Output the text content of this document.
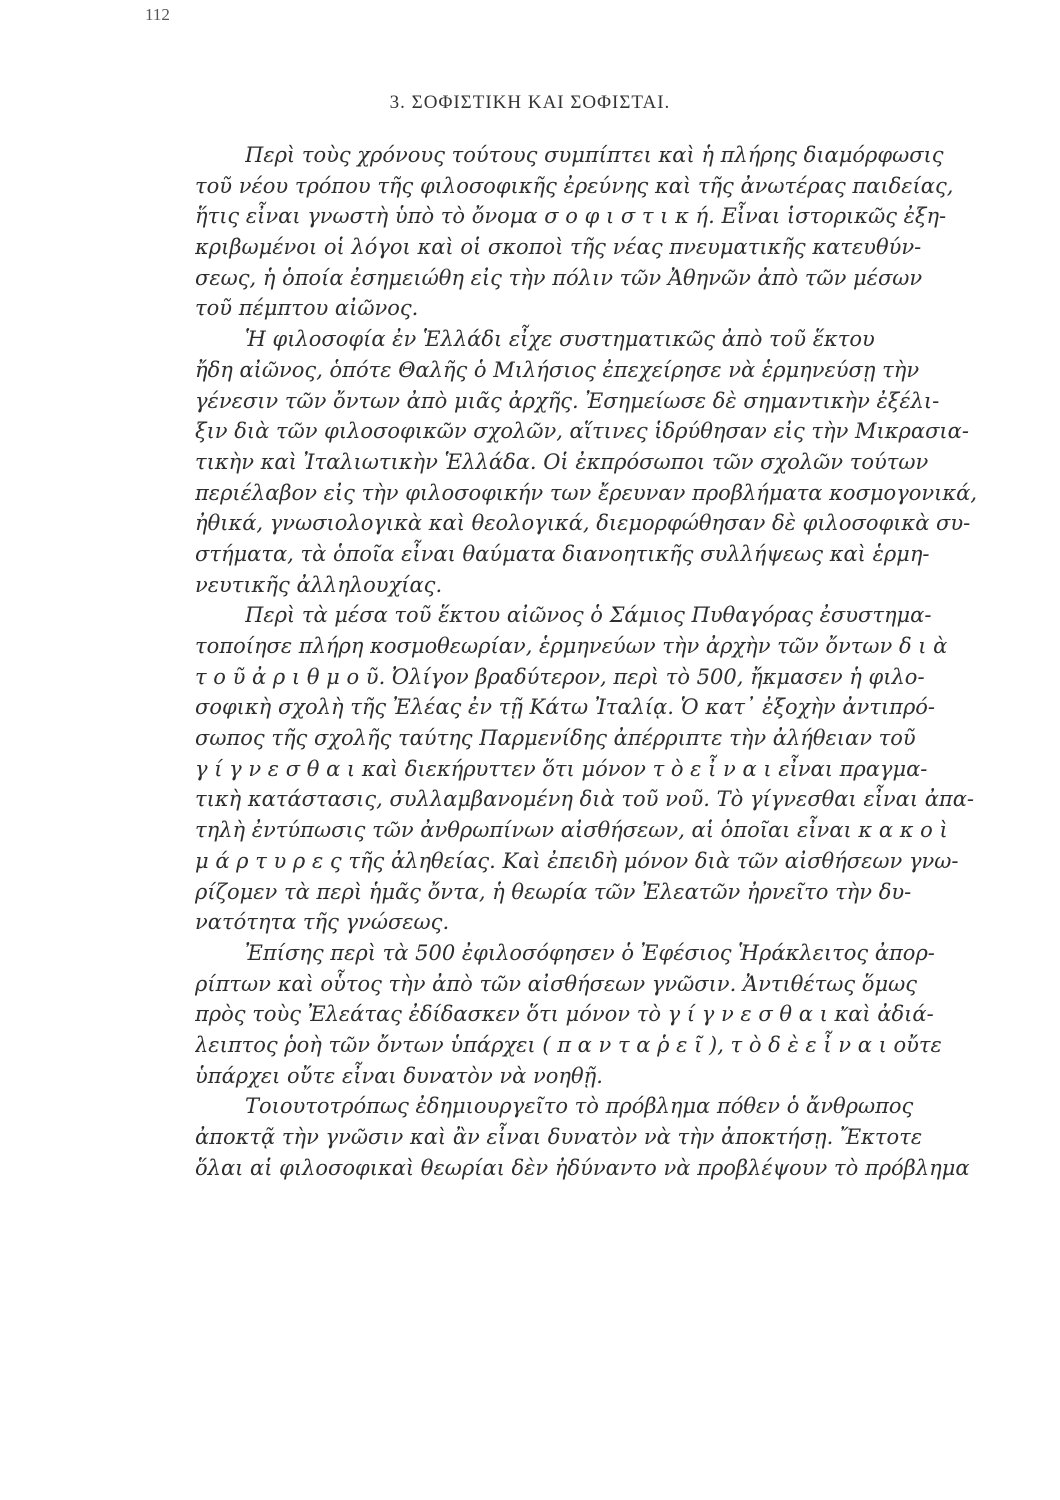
112
3. ΣΟΦΙΣΤΙΚΗ ΚΑΙ ΣΟΦΙΣΤΑΙ.
Περὶ τοὺς χρόνους τούτους συμπίπτει καὶ ἡ πλήρης διαμόρφωσις
τοῦ νέου τρόπου τῆς φιλοσοφικῆς ἐρεύνης καὶ τῆς ἀνωτέρας παιδείας,
ἥτις εἶναι γνωστὴ ὑπὸ τὸ ὄνομα σ ο φ ι σ τ ι κ ή. Εἶναι ἱστορικῶς ἐξη-
κριβωμένοι οἱ λόγοι καὶ οἱ σκοποὶ τῆς νέας πνευματικῆς κατευθύν-
σεως, ἡ ὁποία ἐσημειώθη εἰς τὴν πόλιν τῶν Ἀθηνῶν ἀπὸ τῶν μέσων
τοῦ πέμπτου αἰῶνος.
Ἡ φιλοσοφία ἐν Ἑλλάδι εἶχε συστηματικῶς ἀπὸ τοῦ ἕκτου
ἤδη αἰῶνος, ὁπότε Θαλῆς ὁ Μιλήσιος ἐπεχείρησε νὰ ἑρμηνεύσῃ τὴν
γένεσιν τῶν ὄντων ἀπὸ μιᾶς ἀρχῆς. Ἐσημείωσε δὲ σημαντικὴν ἐξέλι-
ξιν διὰ τῶν φιλοσοφικῶν σχολῶν, αἵτινες ἱδρύθησαν εἰς τὴν Μικρασια-
τικὴν καὶ Ἰταλιωτικὴν Ἑλλάδα. Οἱ ἐκπρόσωποι τῶν σχολῶν τούτων
περιέλαβον εἰς τὴν φιλοσοφικήν των ἔρευναν προβλήματα κοσμογονικά,
ἠθικά, γνωσιολογικὰ καὶ θεολογικά, διεμορφώθησαν δὲ φιλοσοφικὰ συ-
στήματα, τὰ ὁποῖα εἶναι θαύματα διανοητικῆς συλλήψεως καὶ ἑρμη-
νευτικῆς ἀλληλουχίας.
Περὶ τὰ μέσα τοῦ ἕκτου αἰῶνος ὁ Σάμιος Πυθαγόρας ἐσυστημα-
τοποίησε πλήρη κοσμοθεωρίαν, ἑρμηνεύων τὴν ἀρχὴν τῶν ὄντων δ ι ὰ
τ ο ῦ ἀ ρ ι θ μ ο ῦ. Ὀλίγον βραδύτερον, περὶ τὸ 500, ἤκμασεν ἡ φιλο-
σοφικὴ σχολὴ τῆς Ἐλέας ἐν τῇ Κάτω Ἰταλίᾳ. Ὁ κατ᾿ ἐξοχὴν ἀντιπρό-
σωπος τῆς σχολῆς ταύτης Παρμενίδης ἀπέρριπτε τὴν ἀλήθειαν τοῦ
γ ί γ ν ε σ θ α ι καὶ διεκήρυττεν ὅτι μόνον τ ὸ ε ἶ ν α ι εἶναι πραγμα-
τικὴ κατάστασις, συλλαμβανομένη διὰ τοῦ νοῦ. Τὸ γίγνεσθαι εἶναι ἀπα-
τηλὴ ἐντύπωσις τῶν ἀνθρωπίνων αἰσθήσεων, αἱ ὁποῖαι εἶναι κ α κ ο ὶ
μ ά ρ τ υ ρ ε ς τῆς ἀληθείας. Καὶ ἐπειδὴ μόνον διὰ τῶν αἰσθήσεων γνω-
ρίζομεν τὰ περὶ ἡμᾶς ὄντα, ἡ θεωρία τῶν Ἐλεατῶν ἠρνεῖτο τὴν δυ-
νατότητα τῆς γνώσεως.
Ἐπίσης περὶ τὰ 500 ἐφιλοσόφησεν ὁ Ἐφέσιος Ἡράκλειτος ἀπορ-
ρίπτων καὶ οὗτος τὴν ἀπὸ τῶν αἰσθήσεων γνῶσιν. Ἀντιθέτως ὅμως
πρὸς τοὺς Ἐλεάτας ἐδίδασκεν ὅτι μόνον τὸ γ ί γ ν ε σ θ α ι καὶ ἀδιά-
λειπτος ῥοὴ τῶν ὄντων ὑπάρχει ( π α ν τ α ῥ ε ῖ ), τ ὸ δ ὲ ε ἶ ν α ι οὔτε
ὑπάρχει οὔτε εἶναι δυνατὸν νὰ νοηθῇ.
Τοιουτοτρόπως ἐδημιουργεῖτο τὸ πρόβλημα πόθεν ὁ ἄνθρωπος
ἀποκτᾷ τὴν γνῶσιν καὶ ἂν εἶναι δυνατὸν νὰ τὴν ἀποκτήσῃ. Ἔκτοτε
ὅλαι αἱ φιλοσοφικαὶ θεωρίαι δὲν ἠδύναντο νὰ προβλέψουν τὸ πρόβλημα
